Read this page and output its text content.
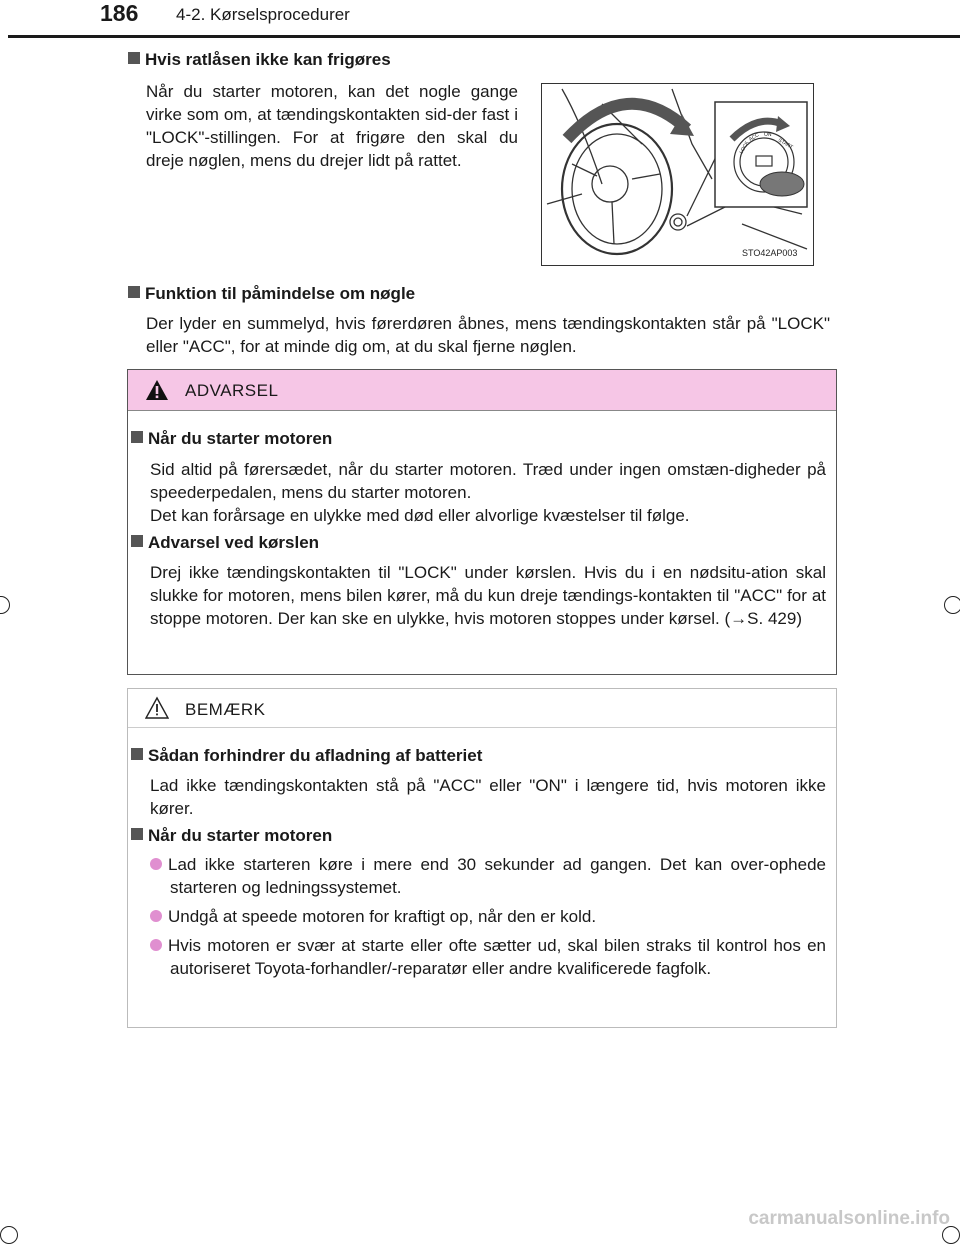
186 4-2. Kørselsprocedurer
Hvis ratlåsen ikke kan frigøres
Når du starter motoren, kan det nogle gange virke som om, at tændingskontakten sid-der fast i "LOCK"-stillingen. For at frigøre den skal du dreje nøglen, mens du drejer lidt på rattet.
STO42AP003
LOCK
ACC ON
START
Funktion til påmindelse om nøgle
Der lyder en summelyd, hvis førerdøren åbnes, mens tændingskontakten står på "LOCK" eller "ACC", for at minde dig om, at du skal fjerne nøglen.
ADVARSEL
Når du starter motoren
Sid altid på førersædet, når du starter motoren. Træd under ingen omstæn-digheder på speederpedalen, mens du starter motoren.
Det kan forårsage en ulykke med død eller alvorlige kvæstelser til følge.
Advarsel ved kørslen
Drej ikke tændingskontakten til "LOCK" under kørslen. Hvis du i en nødsitu-ation skal slukke for motoren, mens bilen kører, må du kun dreje tændings-kontakten til "ACC" for at stoppe motoren. Der kan ske en ulykke, hvis motoren stoppes under kørsel. (→S. 429)
BEMÆRK
Sådan forhindrer du afladning af batteriet
Lad ikke tændingskontakten stå på "ACC" eller "ON" i længere tid, hvis motoren ikke kører.
Når du starter motoren
Lad ikke starteren køre i mere end 30 sekunder ad gangen. Det kan over-ophede starteren og ledningssystemet.
Undgå at speede motoren for kraftigt op, når den er kold.
Hvis motoren er svær at starte eller ofte sætter ud, skal bilen straks til kontrol hos en autoriseret Toyota-forhandler/-reparatør eller andre kvalificerede fagfolk.
carmanualsonline.info
